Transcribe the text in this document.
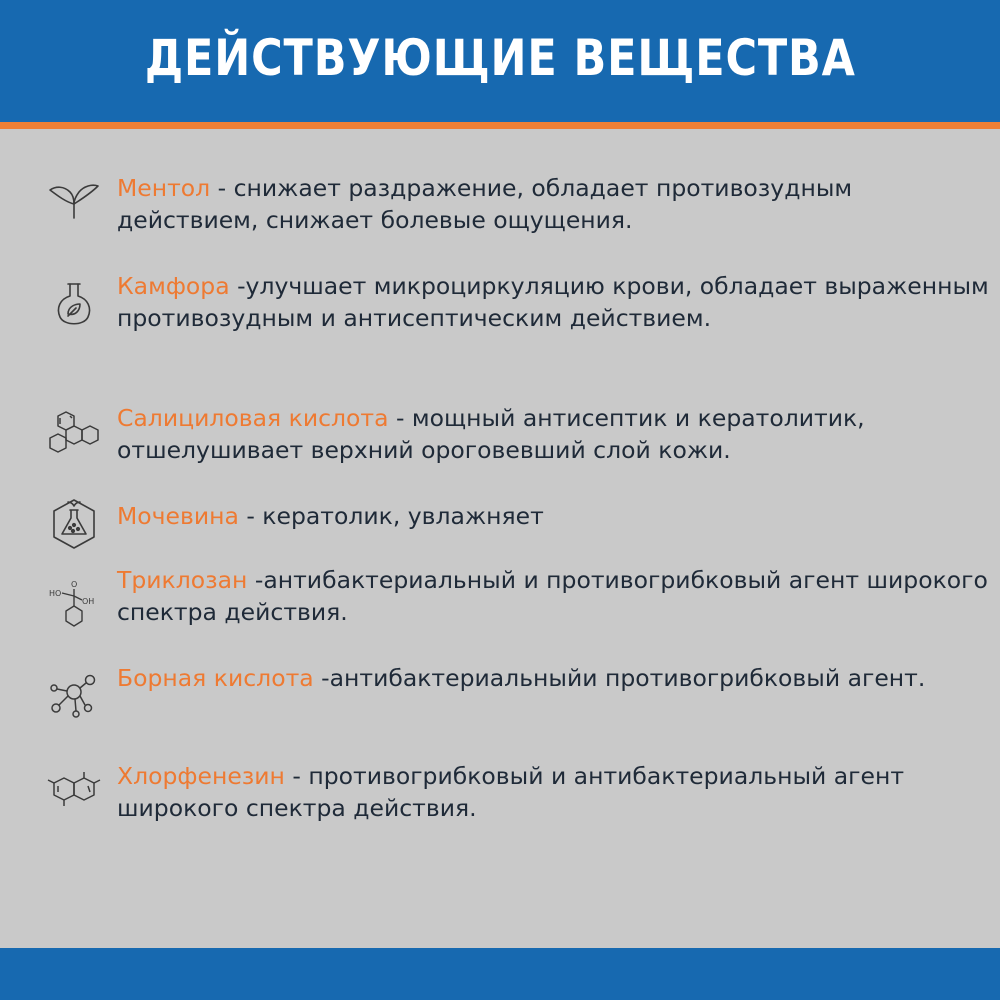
ДЕЙСТВУЮЩИЕ ВЕЩЕСТВА
Ментол - снижает раздражение, обладает противозудным действием, снижает болевые ощущения.
Камфора -улучшает микроциркуляцию крови, обладает выраженным противозудным и антисептическим действием.
Салициловая кислота - мощный антисептик и кератолитик, отшелушивает верхний ороговевший слой кожи.
Мочевина - кератолик, увлажняет
HO
OH
O Триклозан -антибактериальный и противогрибковый агент широкого спектра действия.
Борная кислота -антибактериальныйи противогрибковый агент.
Хлорфенезин - противогрибковый и антибактериальный агент широкого спектра действия.
